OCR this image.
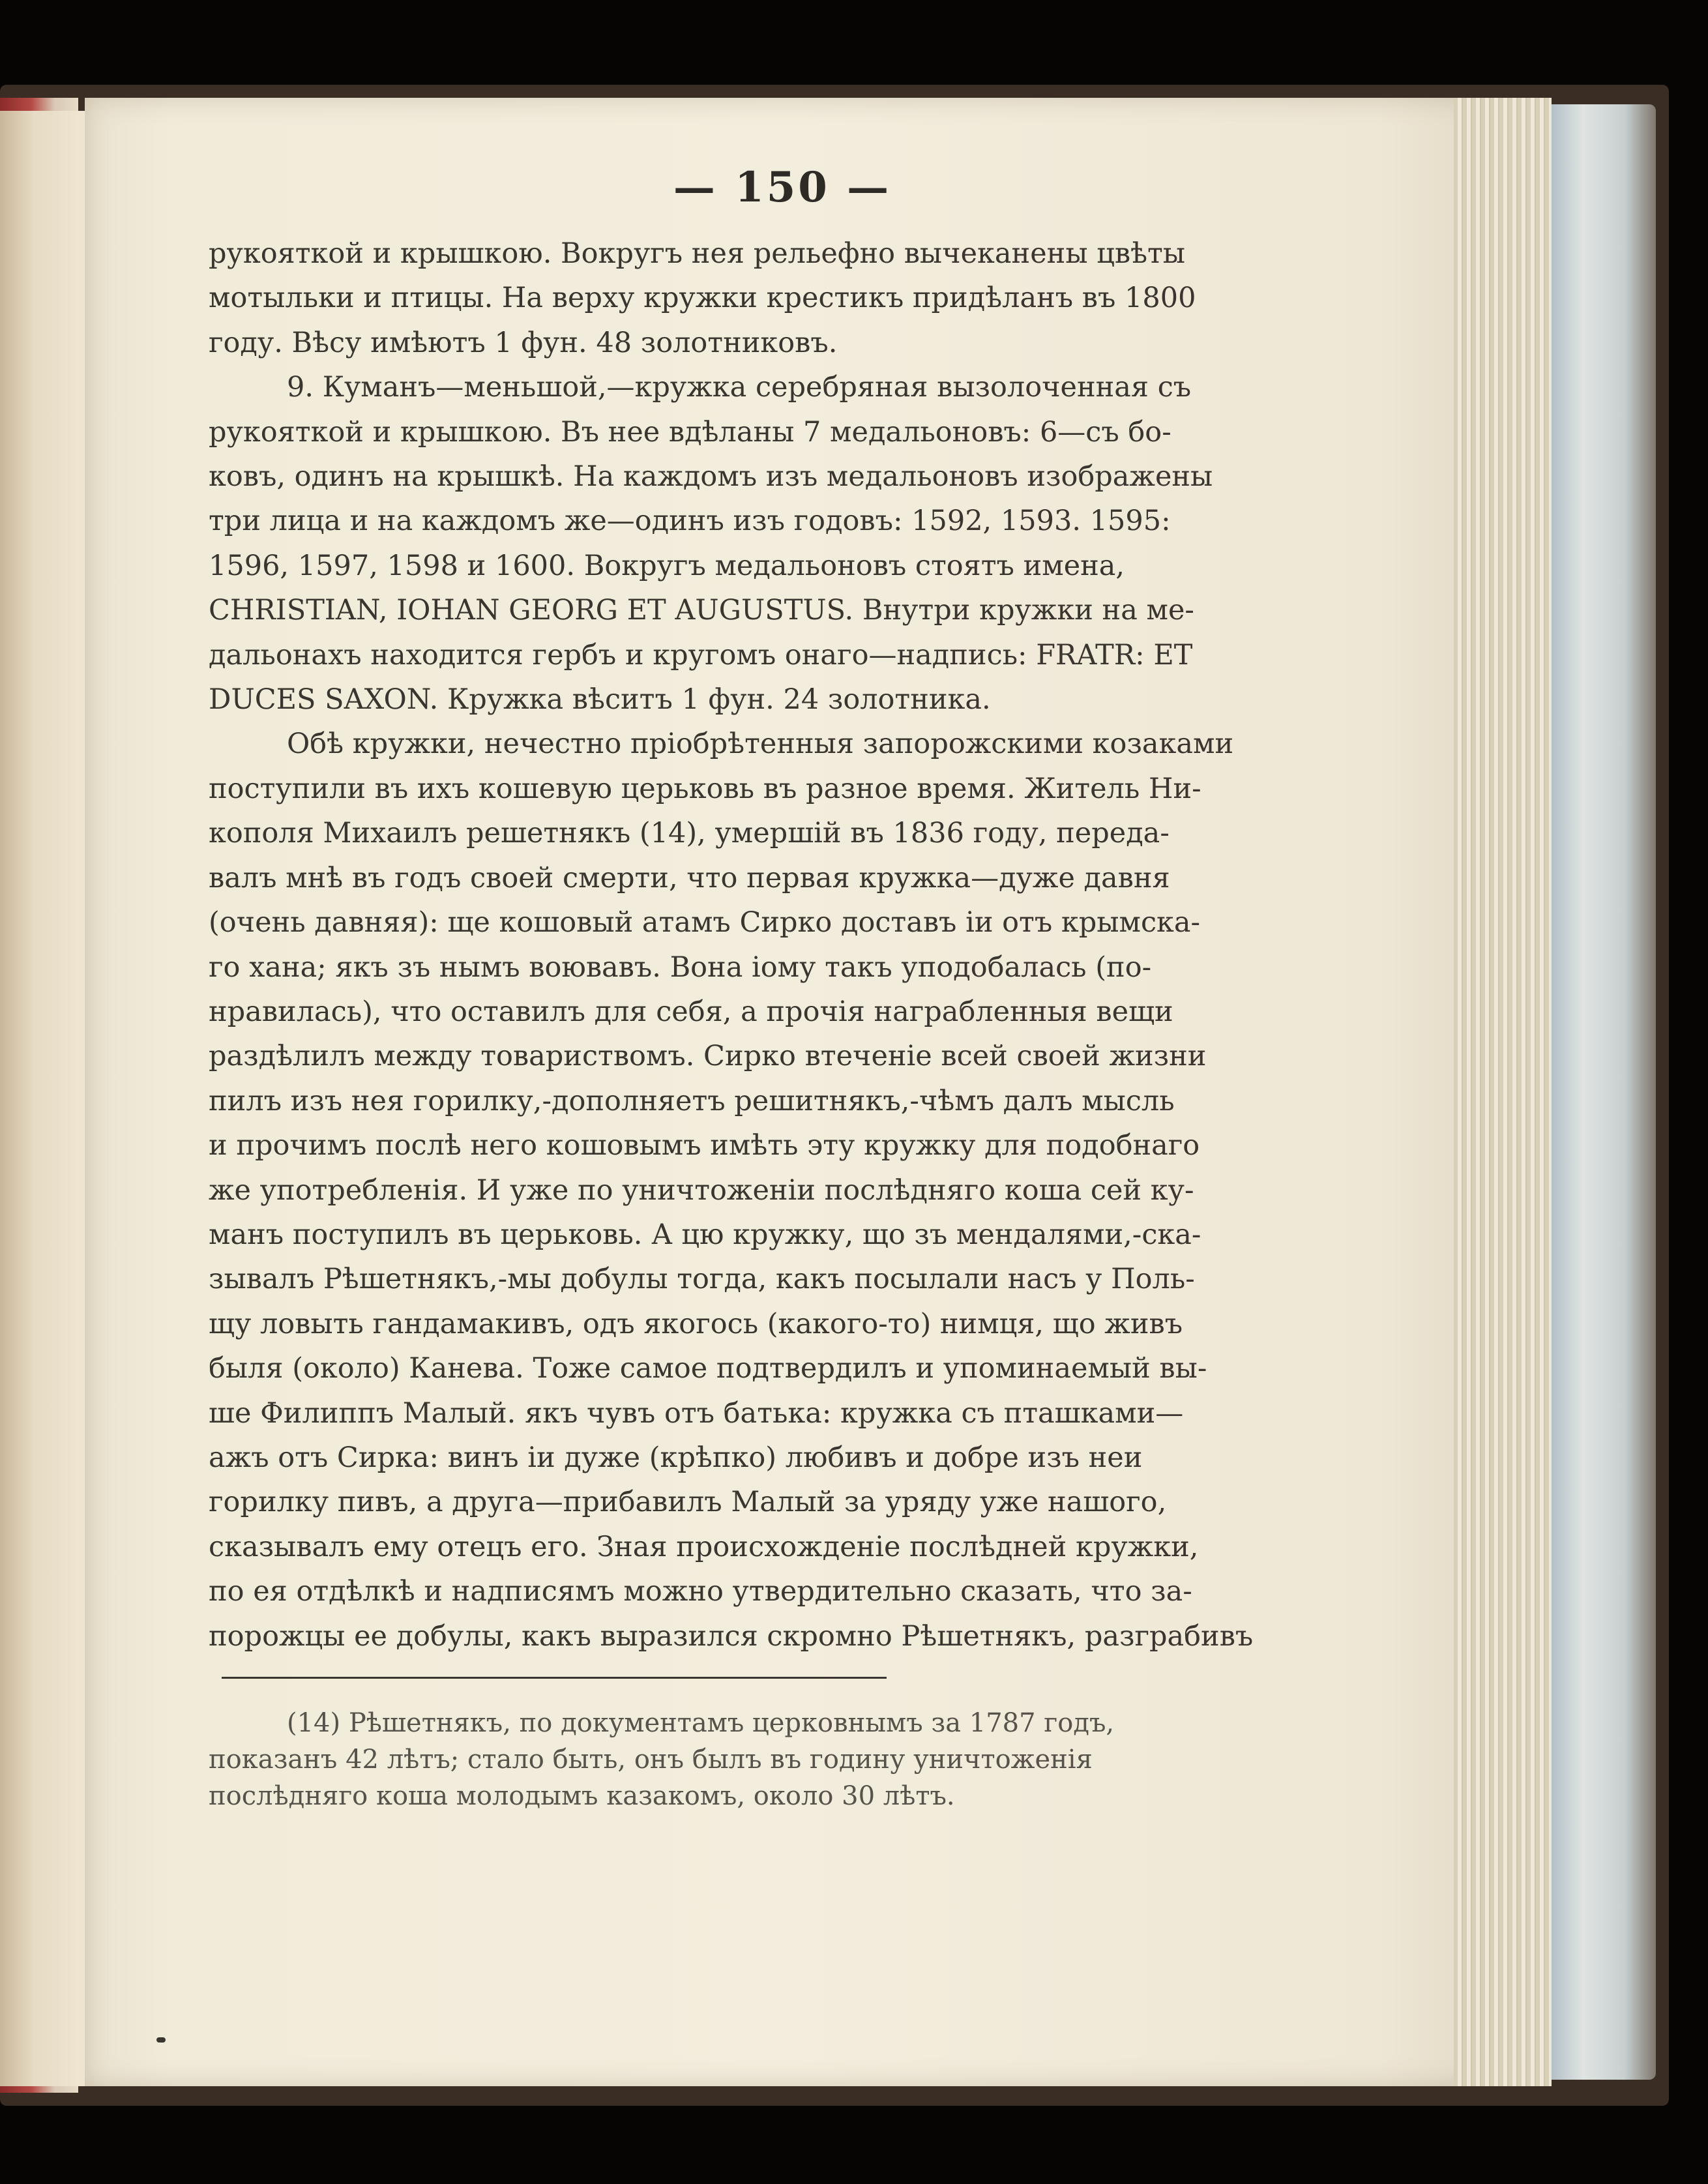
— 150 —
рукояткой и крышкою. Вокругъ нея рельефно вычеканены цвѣты
мотыльки и птицы. На верху кружки крестикъ придѣланъ въ 1800
году. Вѣсу имѣютъ 1 фун. 48 золотниковъ.
9. Куманъ—меньшой,—кружка серебряная вызолоченная съ
рукояткой и крышкою. Въ нее вдѣланы 7 медальоновъ: 6—съ бо-
ковъ, одинъ на крышкѣ. На каждомъ изъ медальоновъ изображены
три лица и на каждомъ же—одинъ изъ годовъ: 1592, 1593. 1595:
1596, 1597, 1598 и 1600. Вокругъ медальоновъ стоятъ имена,
CHRISTIAN, IOHAN GEORG ET AUGUSTUS. Внутри кружки на ме-
дальонахъ находится гербъ и кругомъ онаго—надпись: FRATR: ET
DUCES SAXON. Кружка вѣситъ 1 фун. 24 золотника.
Обѣ кружки, нечестно пріобрѣтенныя запорожскими козаками
поступили въ ихъ кошевую церьковь въ разное время. Житель Ни-
кополя Михаилъ решетнякъ (14), умершій въ 1836 году, переда-
валъ мнѣ въ годъ своей смерти, что первая кружка—дуже давня
(очень давняя): ще кошовый атамъ Сирко доставъ іи отъ крымска-
го хана; якъ зъ нымъ воювавъ. Вона іому такъ уподобалась (по-
нравилась), что оставилъ для себя, а прочія награбленныя вещи
раздѣлилъ между товариствомъ. Сирко втеченіе всей своей жизни
пилъ изъ нея горилку,-дополняетъ решитнякъ,-чѣмъ далъ мысль
и прочимъ послѣ него кошовымъ имѣть эту кружку для подобнаго
же употребленія. И уже по уничтоженіи послѣдняго коша сей ку-
манъ поступилъ въ церьковь. А цю кружку, що зъ мендалями,-ска-
зывалъ Рѣшетнякъ,-мы добулы тогда, какъ посылали насъ у Поль-
щу ловыть гандамакивъ, одъ якогось (какого-то) нимця, що живъ
быля (около) Канева. Тоже самое подтвердилъ и упоминаемый вы-
ше Филиппъ Малый. якъ чувъ отъ батька: кружка съ пташками—
ажъ отъ Сирка: винъ іи дуже (крѣпко) любивъ и добре изъ неи
горилку пивъ, а друга—прибавилъ Малый за уряду уже нашого,
сказывалъ ему отецъ его. Зная происхожденіе послѣдней кружки,
по ея отдѣлкѣ и надписямъ можно утвердительно сказать, что за-
порожцы ее добулы, какъ выразился скромно Рѣшетнякъ, разграбивъ
(14) Рѣшетнякъ, по документамъ церковнымъ за 1787 годъ,
показанъ 42 лѣтъ; стало быть, онъ былъ въ годину уничтоженія
послѣдняго коша молодымъ казакомъ, около 30 лѣтъ.
